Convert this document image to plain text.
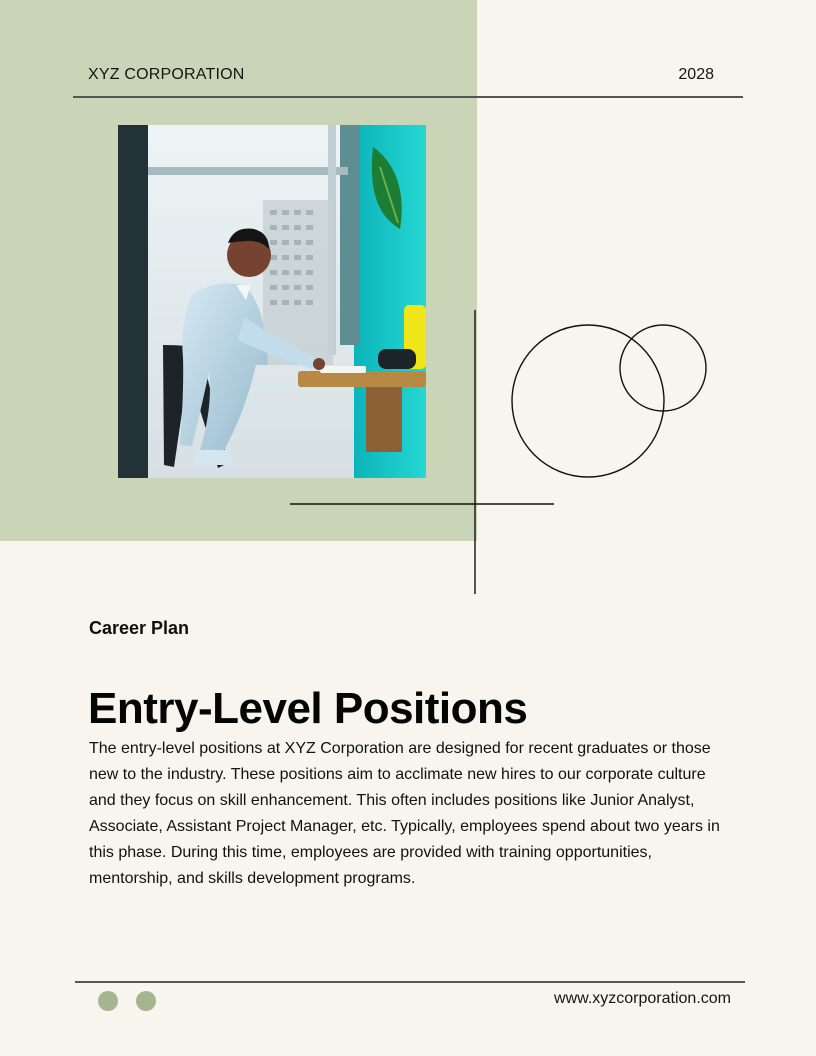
XYZ CORPORATION	2028
Career Plan
Entry-Level Positions

The entry-level positions at XYZ Corporation are designed for recent graduates or those new to the industry. These positions aim to acclimate new hires to our corporate culture and they focus on skill enhancement. This often includes positions like Junior Analyst, Associate, Assistant Project Manager, etc. Typically, employees spend about two years in this phase. During this time, employees are provided with training opportunities, mentorship, and skills development programs.

www.xyzcorporation.com
